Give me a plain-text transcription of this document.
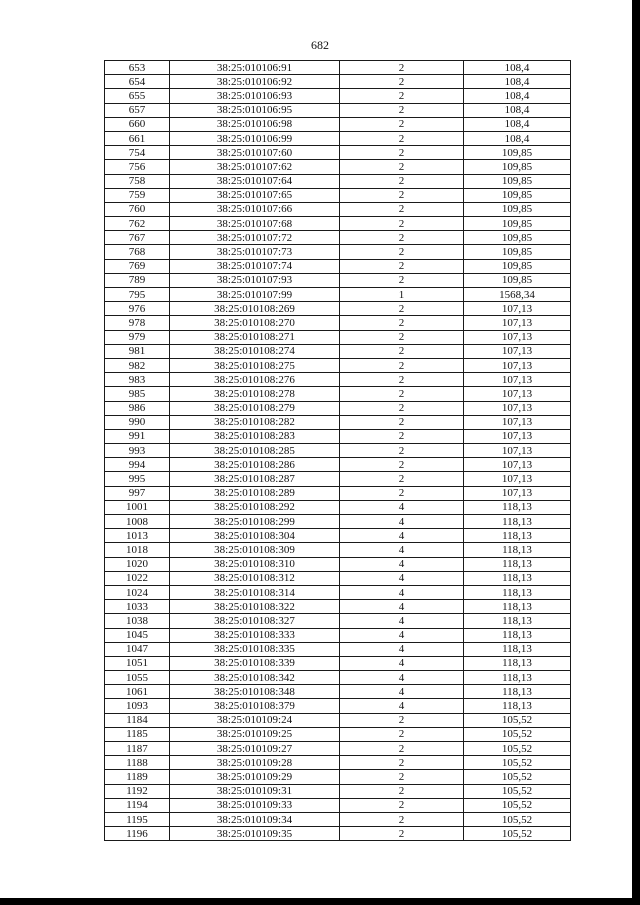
682
653	38:25:010106:91	2	108,4
654	38:25:010106:92	2	108,4
655	38:25:010106:93	2	108,4
657	38:25:010106:95	2	108,4
660	38:25:010106:98	2	108,4
661	38:25:010106:99	2	108,4
754	38:25:010107:60	2	109,85
756	38:25:010107:62	2	109,85
758	38:25:010107:64	2	109,85
759	38:25:010107:65	2	109,85
760	38:25:010107:66	2	109,85
762	38:25:010107:68	2	109,85
767	38:25:010107:72	2	109,85
768	38:25:010107:73	2	109,85
769	38:25:010107:74	2	109,85
789	38:25:010107:93	2	109,85
795	38:25:010107:99	1	1568,34
976	38:25:010108:269	2	107,13
978	38:25:010108:270	2	107,13
979	38:25:010108:271	2	107,13
981	38:25:010108:274	2	107,13
982	38:25:010108:275	2	107,13
983	38:25:010108:276	2	107,13
985	38:25:010108:278	2	107,13
986	38:25:010108:279	2	107,13
990	38:25:010108:282	2	107,13
991	38:25:010108:283	2	107,13
993	38:25:010108:285	2	107,13
994	38:25:010108:286	2	107,13
995	38:25:010108:287	2	107,13
997	38:25:010108:289	2	107,13
1001	38:25:010108:292	4	118,13
1008	38:25:010108:299	4	118,13
1013	38:25:010108:304	4	118,13
1018	38:25:010108:309	4	118,13
1020	38:25:010108:310	4	118,13
1022	38:25:010108:312	4	118,13
1024	38:25:010108:314	4	118,13
1033	38:25:010108:322	4	118,13
1038	38:25:010108:327	4	118,13
1045	38:25:010108:333	4	118,13
1047	38:25:010108:335	4	118,13
1051	38:25:010108:339	4	118,13
1055	38:25:010108:342	4	118,13
1061	38:25:010108:348	4	118,13
1093	38:25:010108:379	4	118,13
1184	38:25:010109:24	2	105,52
1185	38:25:010109:25	2	105,52
1187	38:25:010109:27	2	105,52
1188	38:25:010109:28	2	105,52
1189	38:25:010109:29	2	105,52
1192	38:25:010109:31	2	105,52
1194	38:25:010109:33	2	105,52
1195	38:25:010109:34	2	105,52
1196	38:25:010109:35	2	105,52
